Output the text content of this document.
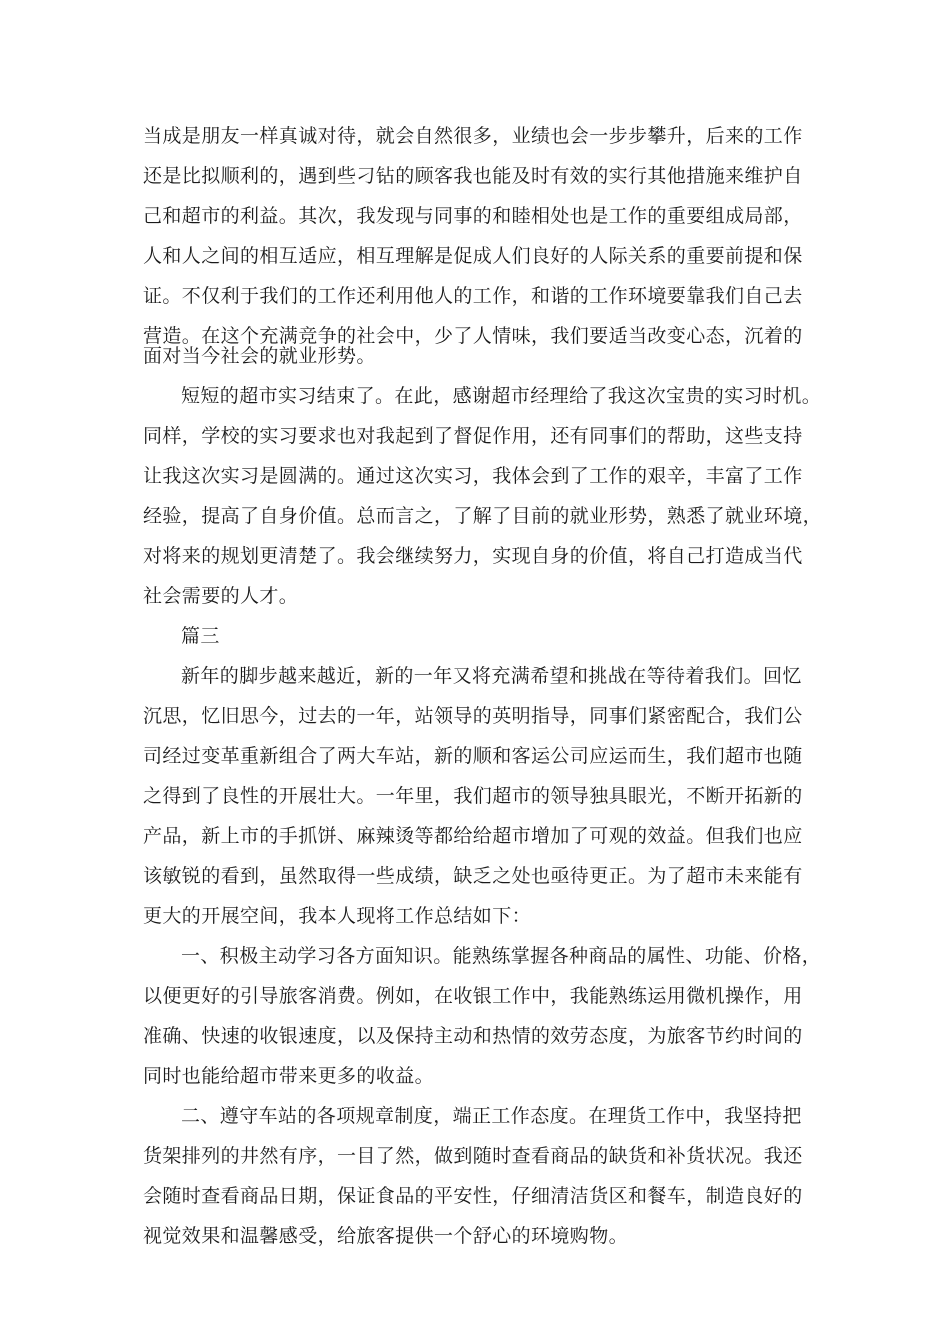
当成是朋友一样真诚对待，就会自然很多，业绩也会一步步攀升，后来的工作
还是比拟顺利的，遇到些刁钻的顾客我也能及时有效的实行其他措施来维护自
己和超市的利益。其次，我发现与同事的和睦相处也是工作的重要组成局部，
人和人之间的相互适应，相互理解是促成人们良好的人际关系的重要前提和保
证。不仅利于我们的工作还利用他人的工作，和谐的工作环境要靠我们自己去
营造。在这个充满竞争的社会中，少了人情味，我们要适当改变心态，沉着的
面对当今社会的就业形势。
短短的超市实习结束了。在此，感谢超市经理给了我这次宝贵的实习时机。
同样，学校的实习要求也对我起到了督促作用，还有同事们的帮助，这些支持
让我这次实习是圆满的。通过这次实习，我体会到了工作的艰辛，丰富了工作
经验，提高了自身价值。总而言之，了解了目前的就业形势，熟悉了就业环境，
对将来的规划更清楚了。我会继续努力，实现自身的价值，将自己打造成当代
社会需要的人才。
篇三
新年的脚步越来越近，新的一年又将充满希望和挑战在等待着我们。回忆
沉思，忆旧思今，过去的一年，站领导的英明指导，同事们紧密配合，我们公
司经过变革重新组合了两大车站，新的顺和客运公司应运而生，我们超市也随
之得到了良性的开展壮大。一年里，我们超市的领导独具眼光，不断开拓新的
产品，新上市的手抓饼、麻辣烫等都给给超市增加了可观的效益。但我们也应
该敏锐的看到，虽然取得一些成绩，缺乏之处也亟待更正。为了超市未来能有
更大的开展空间，我本人现将工作总结如下：
一、积极主动学习各方面知识。能熟练掌握各种商品的属性、功能、价格，
以便更好的引导旅客消费。例如，在收银工作中，我能熟练运用微机操作，用
准确、快速的收银速度，以及保持主动和热情的效劳态度，为旅客节约时间的
同时也能给超市带来更多的收益。
二、遵守车站的各项规章制度，端正工作态度。在理货工作中，我坚持把
货架排列的井然有序，一目了然，做到随时查看商品的缺货和补货状况。我还
会随时查看商品日期，保证食品的平安性，仔细清洁货区和餐车，制造良好的
视觉效果和温馨感受，给旅客提供一个舒心的环境购物。
